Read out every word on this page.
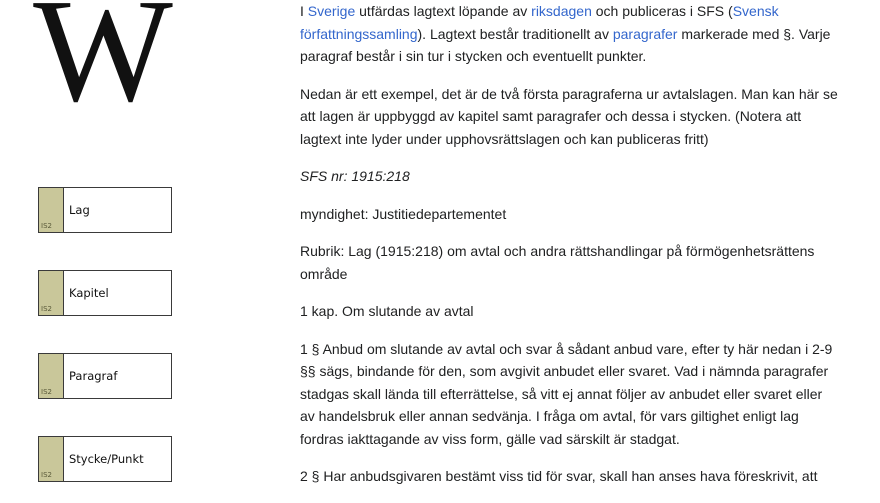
W
IS2
Lag
IS2
Kapitel
IS2
Paragraf
IS2
Stycke/Punkt

I Sverige utfärdas lagtext löpande av riksdagen och publiceras i SFS (Svensk författningssamling). Lagtext består traditionellt av paragrafer markerade med §. Varje paragraf består i sin tur i stycken och eventuellt punkter.

Nedan är ett exempel, det är de två första paragraferna ur avtalslagen. Man kan här se att lagen är uppbyggd av kapitel samt paragrafer och dessa i stycken. (Notera att lagtext inte lyder under upphovsrättslagen och kan publiceras fritt)

SFS nr: 1915:218

myndighet: Justitiedepartementet

Rubrik: Lag (1915:218) om avtal och andra rättshandlingar på förmögenhetsrättens område

1 kap. Om slutande av avtal

1 § Anbud om slutande av avtal och svar å sådant anbud vare, efter ty här nedan i 2-9 §§ sägs, bindande för den, som avgivit anbudet eller svaret. Vad i nämnda paragrafer stadgas skall lända till efterrättelse, så vitt ej annat följer av anbudet eller svaret eller av handelsbruk eller annan sedvänja. I fråga om avtal, för vars giltighet enligt lag fordras iakttagande av viss form, gälle vad särskilt är stadgat.

2 § Har anbudsgivaren bestämt viss tid för svar, skall han anses hava föreskrivit, att
